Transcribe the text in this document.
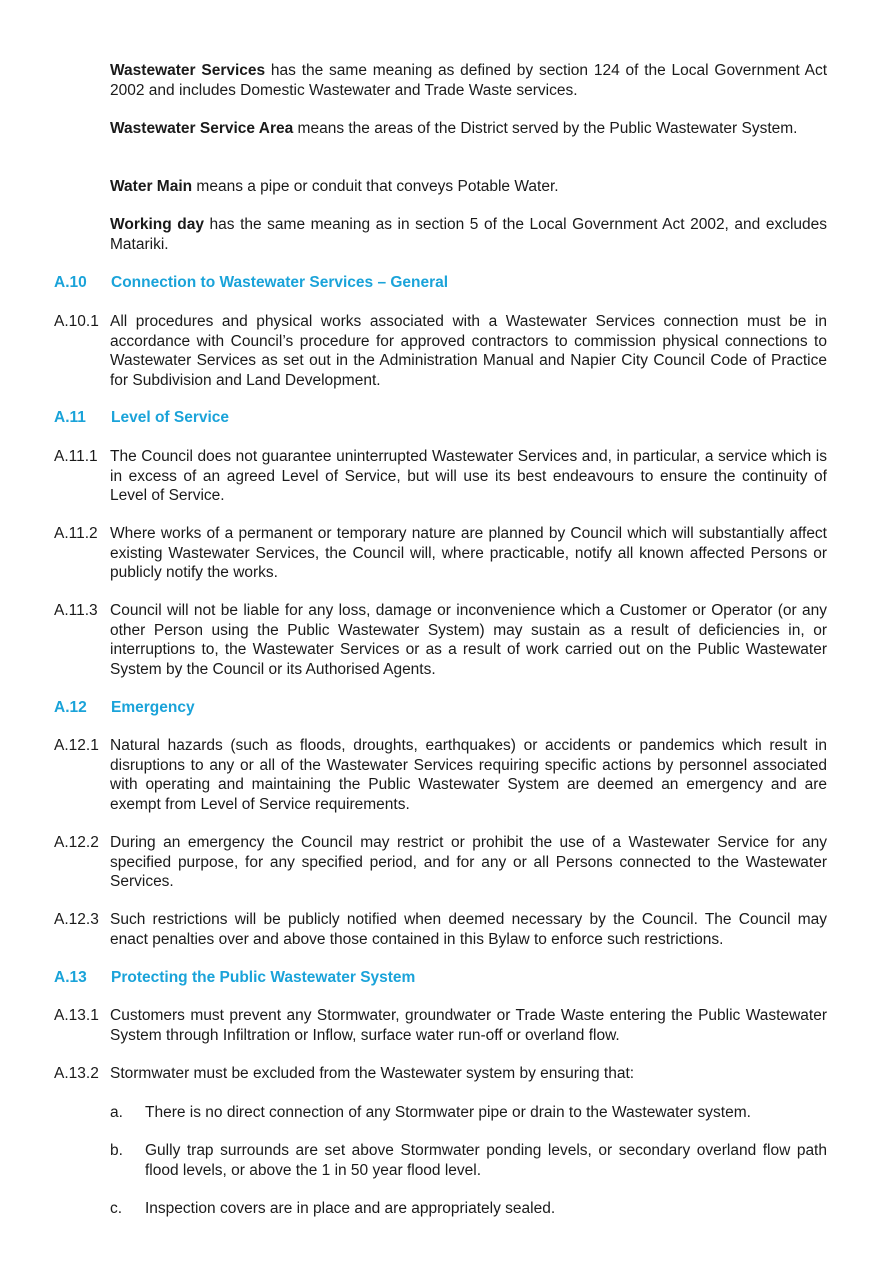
Wastewater Services has the same meaning as defined by section 124 of the Local Government Act 2002 and includes Domestic Wastewater and Trade Waste services.
Wastewater Service Area means the areas of the District served by the Public Wastewater System.
Water Main means a pipe or conduit that conveys Potable Water.
Working day has the same meaning as in section 5 of the Local Government Act 2002, and excludes Matariki.
A.10 Connection to Wastewater Services – General
A.10.1 All procedures and physical works associated with a Wastewater Services connection must be in accordance with Council’s procedure for approved contractors to commission physical connections to Wastewater Services as set out in the Administration Manual and Napier City Council Code of Practice for Subdivision and Land Development.
A.11 Level of Service
A.11.1 The Council does not guarantee uninterrupted Wastewater Services and, in particular, a service which is in excess of an agreed Level of Service, but will use its best endeavours to ensure the continuity of Level of Service.
A.11.2 Where works of a permanent or temporary nature are planned by Council which will substantially affect existing Wastewater Services, the Council will, where practicable, notify all known affected Persons or publicly notify the works.
A.11.3 Council will not be liable for any loss, damage or inconvenience which a Customer or Operator (or any other Person using the Public Wastewater System) may sustain as a result of deficiencies in, or interruptions to, the Wastewater Services or as a result of work carried out on the Public Wastewater System by the Council or its Authorised Agents.
A.12 Emergency
A.12.1 Natural hazards (such as floods, droughts, earthquakes) or accidents or pandemics which result in disruptions to any or all of the Wastewater Services requiring specific actions by personnel associated with operating and maintaining the Public Wastewater System are deemed an emergency and are exempt from Level of Service requirements.
A.12.2 During an emergency the Council may restrict or prohibit the use of a Wastewater Service for any specified purpose, for any specified period, and for any or all Persons connected to the Wastewater Services.
A.12.3 Such restrictions will be publicly notified when deemed necessary by the Council. The Council may enact penalties over and above those contained in this Bylaw to enforce such restrictions.
A.13 Protecting the Public Wastewater System
A.13.1 Customers must prevent any Stormwater, groundwater or Trade Waste entering the Public Wastewater System through Infiltration or Inflow, surface water run-off or overland flow.
A.13.2 Stormwater must be excluded from the Wastewater system by ensuring that:
a. There is no direct connection of any Stormwater pipe or drain to the Wastewater system.
b. Gully trap surrounds are set above Stormwater ponding levels, or secondary overland flow path flood levels, or above the 1 in 50 year flood level.
c. Inspection covers are in place and are appropriately sealed.
